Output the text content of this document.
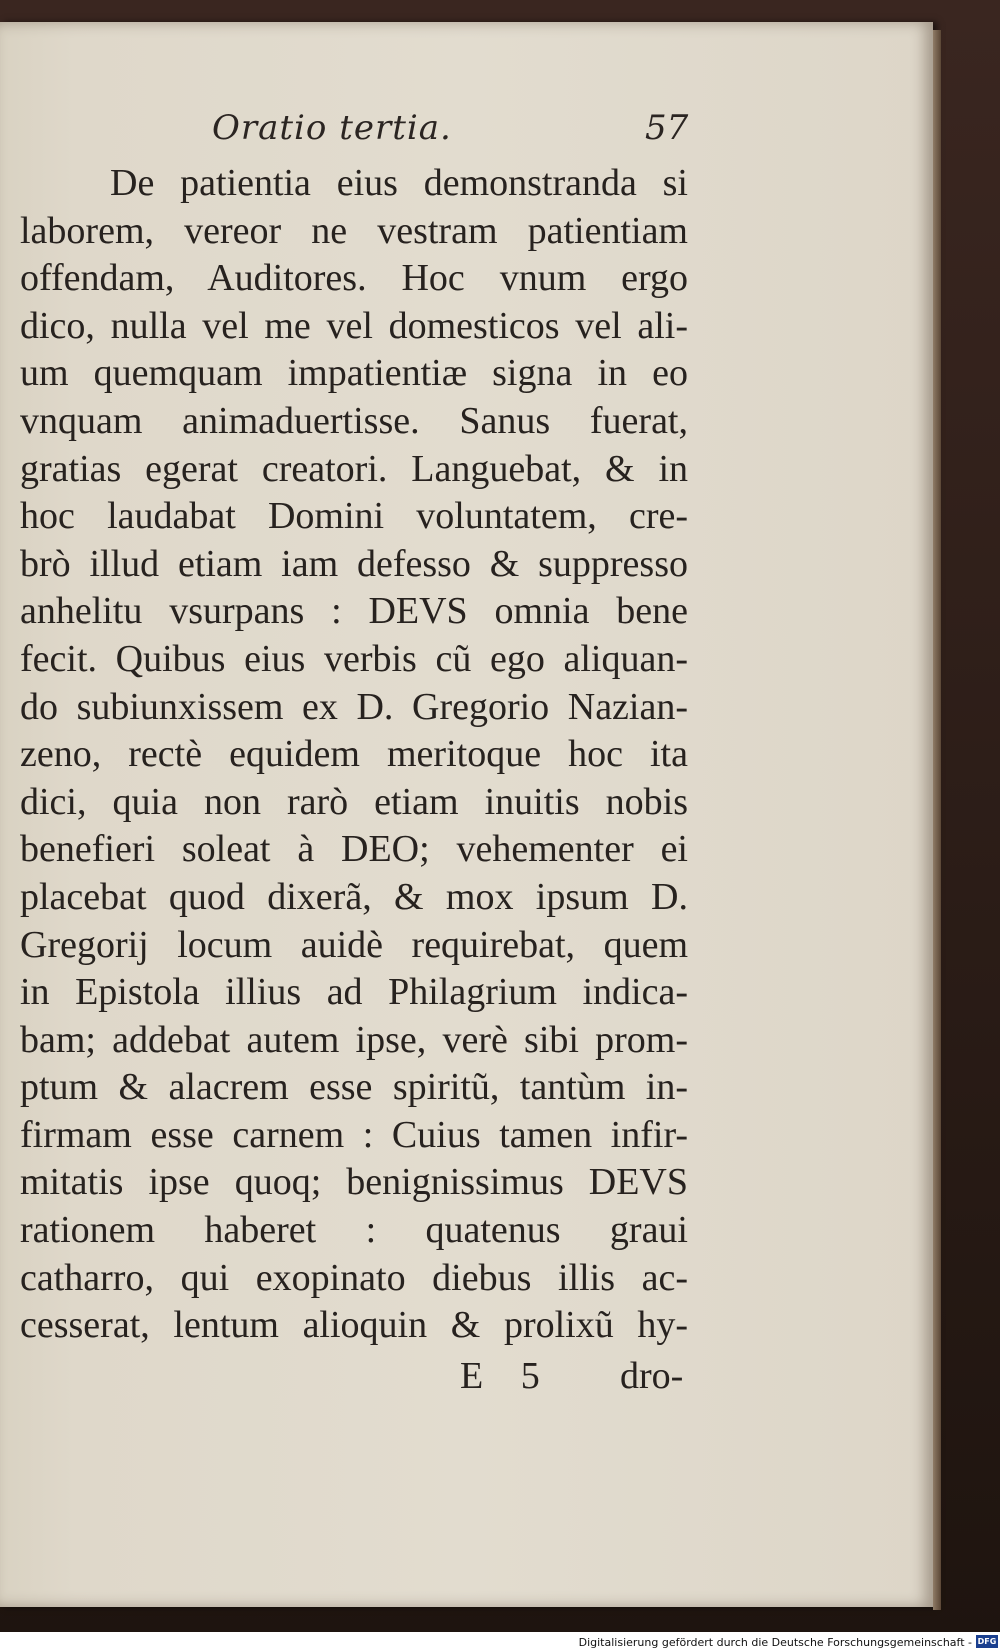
Oratio tertia.	57
De patientia eius demonstranda si
laborem, vereor ne vestram patientiam
offendam, Auditores. Hoc vnum ergo
dico, nulla vel me vel domesticos vel ali-
um quemquam impatientiæ signa in eo
vnquam animaduertisse. Sanus fuerat,
gratias egerat creatori. Languebat, & in
hoc laudabat Domini voluntatem, cre-
brò illud etiam iam defesso & suppresso
anhelitu vsurpans : DEVS omnia bene
fecit. Quibus eius verbis cũ ego aliquan-
do subiunxissem ex D. Gregorio Nazian-
zeno, rectè equidem meritoque hoc ita
dici, quia non rarò etiam inuitis nobis
benefieri soleat à DEO; vehementer ei
placebat quod dixerã, & mox ipsum D.
Gregorij locum auidè requirebat, quem
in Epistola illius ad Philagrium indica-
bam; addebat autem ipse, verè sibi prom-
ptum & alacrem esse spiritũ, tantùm in-
firmam esse carnem : Cuius tamen infir-
mitatis ipse quoq; benignissimus DEVS
rationem haberet : quatenus graui
catharro, qui exopinato diebus illis ac-
cesserat, lentum alioquin & prolixũ hy-
E 5 dro-
Digitalisierung gefördert durch die Deutsche Forschungsgemeinschaft - DFG
